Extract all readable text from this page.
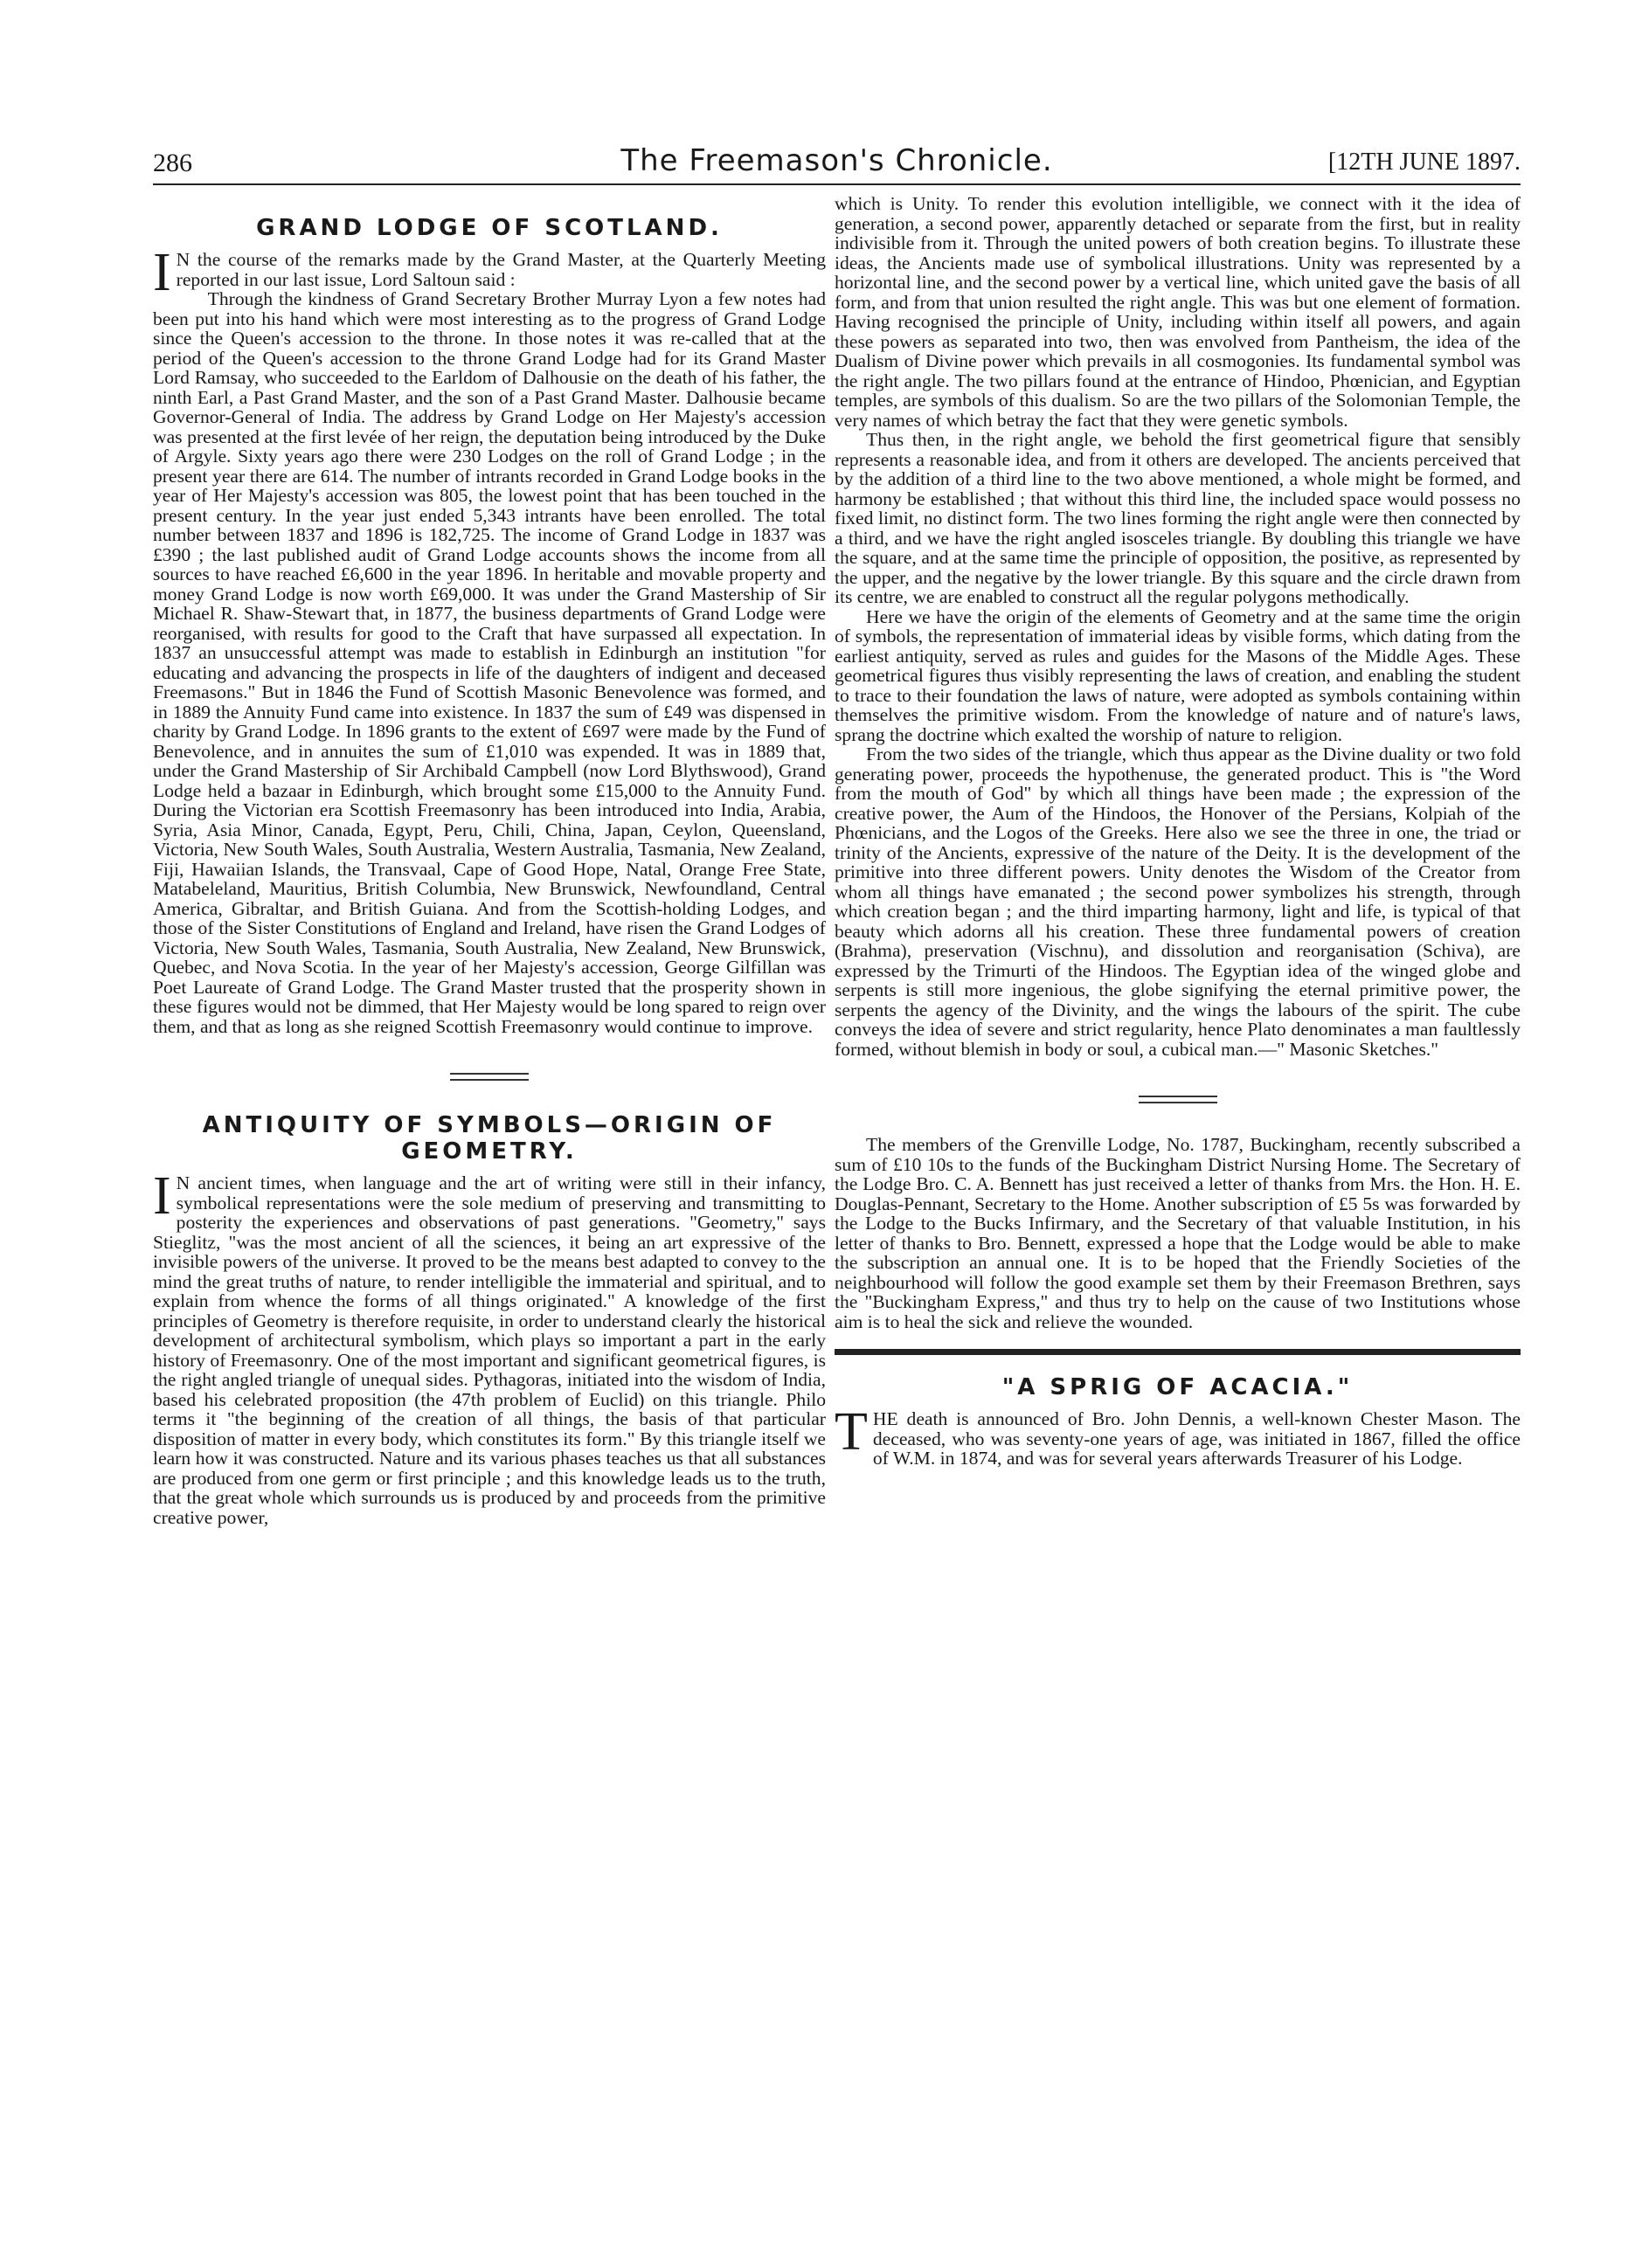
286	The Freemason's Chronicle.	[12TH JUNE 1897.
GRAND LODGE OF SCOTLAND.

I N the course of the remarks made by the Grand Master, at the Quarterly Meeting reported in our last issue, Lord Saltoun said :

Through the kindness of Grand Secretary Brother Murray Lyon a few notes had been put into his hand which were most interesting as to the progress of Grand Lodge since the Queen's accession to the throne. In those notes it was re-called that at the period of the Queen's accession to the throne Grand Lodge had for its Grand Master Lord Ramsay, who succeeded to the Earldom of Dalhousie on the death of his father, the ninth Earl, a Past Grand Master, and the son of a Past Grand Master. Dalhousie became Governor-General of India. The address by Grand Lodge on Her Majesty's accession was presented at the first levée of her reign, the deputation being introduced by the Duke of Argyle. Sixty years ago there were 230 Lodges on the roll of Grand Lodge ; in the present year there are 614. The number of intrants recorded in Grand Lodge books in the year of Her Majesty's accession was 805, the lowest point that has been touched in the present century. In the year just ended 5,343 intrants have been enrolled. The total number between 1837 and 1896 is 182,725. The income of Grand Lodge in 1837 was £390 ; the last published audit of Grand Lodge accounts shows the income from all sources to have reached £6,600 in the year 1896. In heritable and movable property and money Grand Lodge is now worth £69,000. It was under the Grand Mastership of Sir Michael R. Shaw-Stewart that, in 1877, the business departments of Grand Lodge were reorganised, with results for good to the Craft that have surpassed all expectation. In 1837 an unsuccessful attempt was made to establish in Edinburgh an institution "for educating and advancing the prospects in life of the daughters of indigent and deceased Freemasons." But in 1846 the Fund of Scottish Masonic Benevolence was formed, and in 1889 the Annuity Fund came into existence. In 1837 the sum of £49 was dispensed in charity by Grand Lodge. In 1896 grants to the extent of £697 were made by the Fund of Benevolence, and in annuites the sum of £1,010 was expended. It was in 1889 that, under the Grand Mastership of Sir Archibald Campbell (now Lord Blythswood), Grand Lodge held a bazaar in Edinburgh, which brought some £15,000 to the Annuity Fund. During the Victorian era Scottish Freemasonry has been introduced into India, Arabia, Syria, Asia Minor, Canada, Egypt, Peru, Chili, China, Japan, Ceylon, Queensland, Victoria, New South Wales, South Australia, Western Australia, Tasmania, New Zealand, Fiji, Hawaiian Islands, the Transvaal, Cape of Good Hope, Natal, Orange Free State, Matabeleland, Mauritius, British Columbia, New Brunswick, Newfoundland, Central America, Gibraltar, and British Guiana. And from the Scottish-holding Lodges, and those of the Sister Constitutions of England and Ireland, have risen the Grand Lodges of Victoria, New South Wales, Tasmania, South Australia, New Zealand, New Brunswick, Quebec, and Nova Scotia. In the year of her Majesty's accession, George Gilfillan was Poet Laureate of Grand Lodge. The Grand Master trusted that the prosperity shown in these figures would not be dimmed, that Her Majesty would be long spared to reign over them, and that as long as she reigned Scottish Freemasonry would continue to improve.

ANTIQUITY OF SYMBOLS—ORIGIN OF GEOMETRY.

I N ancient times, when language and the art of writing were still in their infancy, symbolical representations were the sole medium of preserving and transmitting to posterity the experiences and observations of past generations. "Geometry," says Stieglitz, "was the most ancient of all the sciences, it being an art expressive of the invisible powers of the universe. It proved to be the means best adapted to convey to the mind the great truths of nature, to render intelligible the immaterial and spiritual, and to explain from whence the forms of all things originated." A knowledge of the first principles of Geometry is therefore requisite, in order to understand clearly the historical development of architectural symbolism, which plays so important a part in the early history of Freemasonry. One of the most important and significant geometrical figures, is the right angled triangle of unequal sides. Pythagoras, initiated into the wisdom of India, based his celebrated proposition (the 47th problem of Euclid) on this triangle. Philo terms it "the beginning of the creation of all things, the basis of that particular disposition of matter in every body, which constitutes its form." By this triangle itself we learn how it was constructed. Nature and its various phases teaches us that all substances are produced from one germ or first principle ; and this knowledge leads us to the truth, that the great whole which surrounds us is produced by and proceeds from the primitive creative power,

which is Unity. To render this evolution intelligible, we connect with it the idea of generation, a second power, apparently detached or separate from the first, but in reality indivisible from it. Through the united powers of both creation begins. To illustrate these ideas, the Ancients made use of symbolical illustrations. Unity was represented by a horizontal line, and the second power by a vertical line, which united gave the basis of all form, and from that union resulted the right angle. This was but one element of formation. Having recognised the principle of Unity, including within itself all powers, and again these powers as separated into two, then was envolved from Pantheism, the idea of the Dualism of Divine power which prevails in all cosmogonies. Its fundamental symbol was the right angle. The two pillars found at the entrance of Hindoo, Phœnician, and Egyptian temples, are symbols of this dualism. So are the two pillars of the Solomonian Temple, the very names of which betray the fact that they were genetic symbols.

Thus then, in the right angle, we behold the first geometrical figure that sensibly represents a reasonable idea, and from it others are developed. The ancients perceived that by the addition of a third line to the two above mentioned, a whole might be formed, and harmony be established ; that without this third line, the included space would possess no fixed limit, no distinct form. The two lines forming the right angle were then connected by a third, and we have the right angled isosceles triangle. By doubling this triangle we have the square, and at the same time the principle of opposition, the positive, as represented by the upper, and the negative by the lower triangle. By this square and the circle drawn from its centre, we are enabled to construct all the regular polygons methodically.

Here we have the origin of the elements of Geometry and at the same time the origin of symbols, the representation of immaterial ideas by visible forms, which dating from the earliest antiquity, served as rules and guides for the Masons of the Middle Ages. These geometrical figures thus visibly representing the laws of creation, and enabling the student to trace to their foundation the laws of nature, were adopted as symbols containing within themselves the primitive wisdom. From the knowledge of nature and of nature's laws, sprang the doctrine which exalted the worship of nature to religion.

From the two sides of the triangle, which thus appear as the Divine duality or two fold generating power, proceeds the hypothenuse, the generated product. This is "the Word from the mouth of God" by which all things have been made ; the expression of the creative power, the Aum of the Hindoos, the Honover of the Persians, Kolpiah of the Phœnicians, and the Logos of the Greeks. Here also we see the three in one, the triad or trinity of the Ancients, expressive of the nature of the Deity. It is the development of the primitive into three different powers. Unity denotes the Wisdom of the Creator from whom all things have emanated ; the second power symbolizes his strength, through which creation began ; and the third imparting harmony, light and life, is typical of that beauty which adorns all his creation. These three fundamental powers of creation (Brahma), preservation (Vischnu), and dissolution and reorganisation (Schiva), are expressed by the Trimurti of the Hindoos. The Egyptian idea of the winged globe and serpents is still more ingenious, the globe signifying the eternal primitive power, the serpents the agency of the Divinity, and the wings the labours of the spirit. The cube conveys the idea of severe and strict regularity, hence Plato denominates a man faultlessly formed, without blemish in body or soul, a cubical man.—" Masonic Sketches."

The members of the Grenville Lodge, No. 1787, Buckingham, recently subscribed a sum of £10 10s to the funds of the Buckingham District Nursing Home. The Secretary of the Lodge Bro. C. A. Bennett has just received a letter of thanks from Mrs. the Hon. H. E. Douglas-Pennant, Secretary to the Home. Another subscription of £5 5s was forwarded by the Lodge to the Bucks Infirmary, and the Secretary of that valuable Institution, in his letter of thanks to Bro. Bennett, expressed a hope that the Lodge would be able to make the subscription an annual one. It is to be hoped that the Friendly Societies of the neighbourhood will follow the good example set them by their Freemason Brethren, says the "Buckingham Express," and thus try to help on the cause of two Institutions whose aim is to heal the sick and relieve the wounded.

"A SPRIG OF ACACIA."

THE death is announced of Bro. John Dennis, a well-known Chester Mason. The deceased, who was seventy-one years of age, was initiated in 1867, filled the office of W.M. in 1874, and was for several years afterwards Treasurer of his Lodge.
